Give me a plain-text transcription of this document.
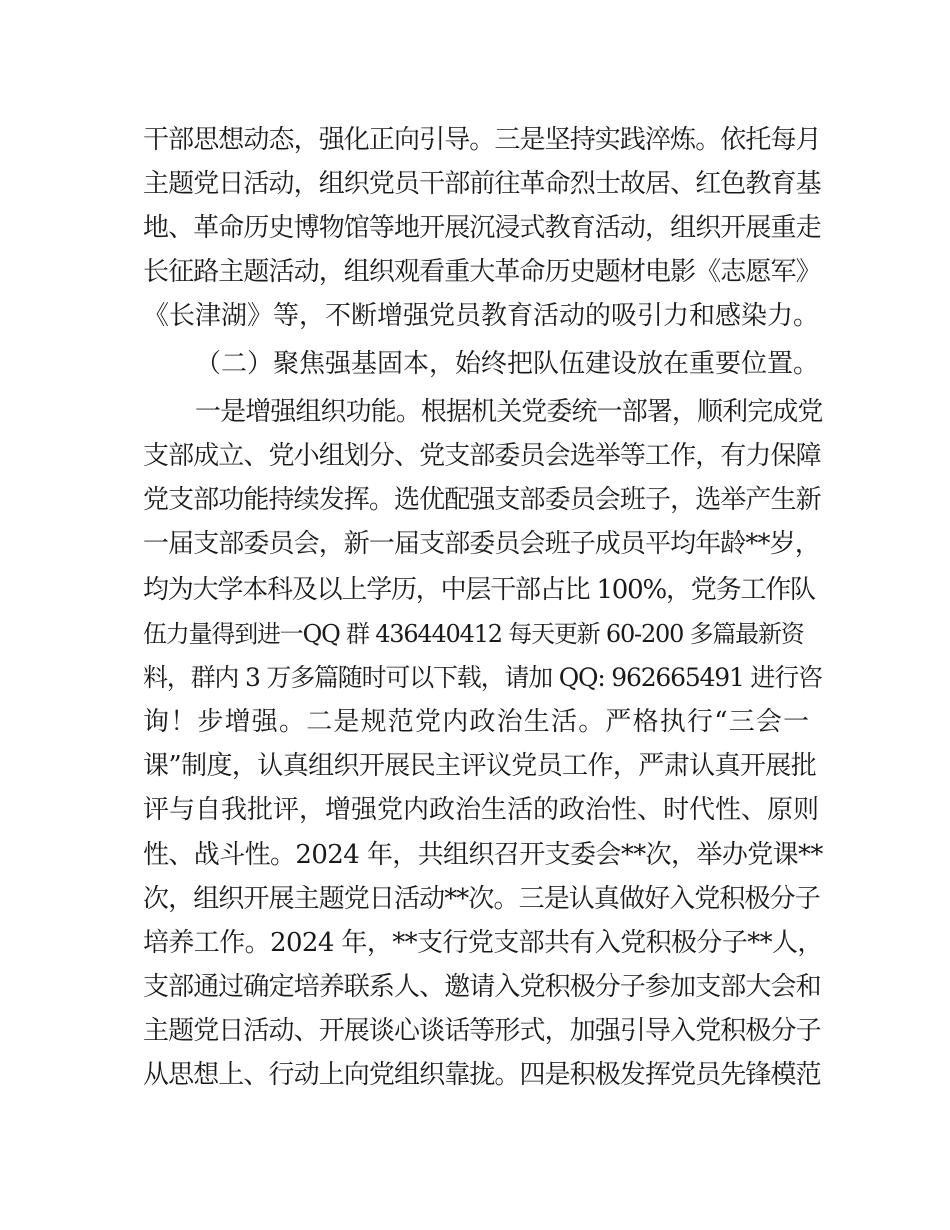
干部思想动态，强化正向引导。三是坚持实践淬炼。依托每月
主题党日活动，组织党员干部前往革命烈士故居、红色教育基
地、革命历史博物馆等地开展沉浸式教育活动，组织开展重走
长征路主题活动，组织观看重大革命历史题材电影《志愿军》
《长津湖》等，不断增强党员教育活动的吸引力和感染力。
（二）聚焦强基固本，始终把队伍建设放在重要位置。
一是增强组织功能。根据机关党委统一部署，顺利完成党
支部成立、党小组划分、党支部委员会选举等工作，有力保障
党支部功能持续发挥。选优配强支部委员会班子，选举产生新
一届支部委员会，新一届支部委员会班子成员平均年龄**岁，
均为大学本科及以上学历，中层干部占比 100%，党务工作队
伍力量得到进一QQ 群 436440412 每天更新 60-200 多篇最新资
料，群内 3 万多篇随时可以下载，请加 QQ: 962665491 进行咨
询！步增强。二是规范党内政治生活。严格执行“三会一
课”制度，认真组织开展民主评议党员工作，严肃认真开展批
评与自我批评，增强党内政治生活的政治性、时代性、原则
性、战斗性。2024 年，共组织召开支委会**次，举办党课**
次，组织开展主题党日活动**次。三是认真做好入党积极分子
培养工作。2024 年，**支行党支部共有入党积极分子**人，
支部通过确定培养联系人、邀请入党积极分子参加支部大会和
主题党日活动、开展谈心谈话等形式，加强引导入党积极分子
从思想上、行动上向党组织靠拢。四是积极发挥党员先锋模范
